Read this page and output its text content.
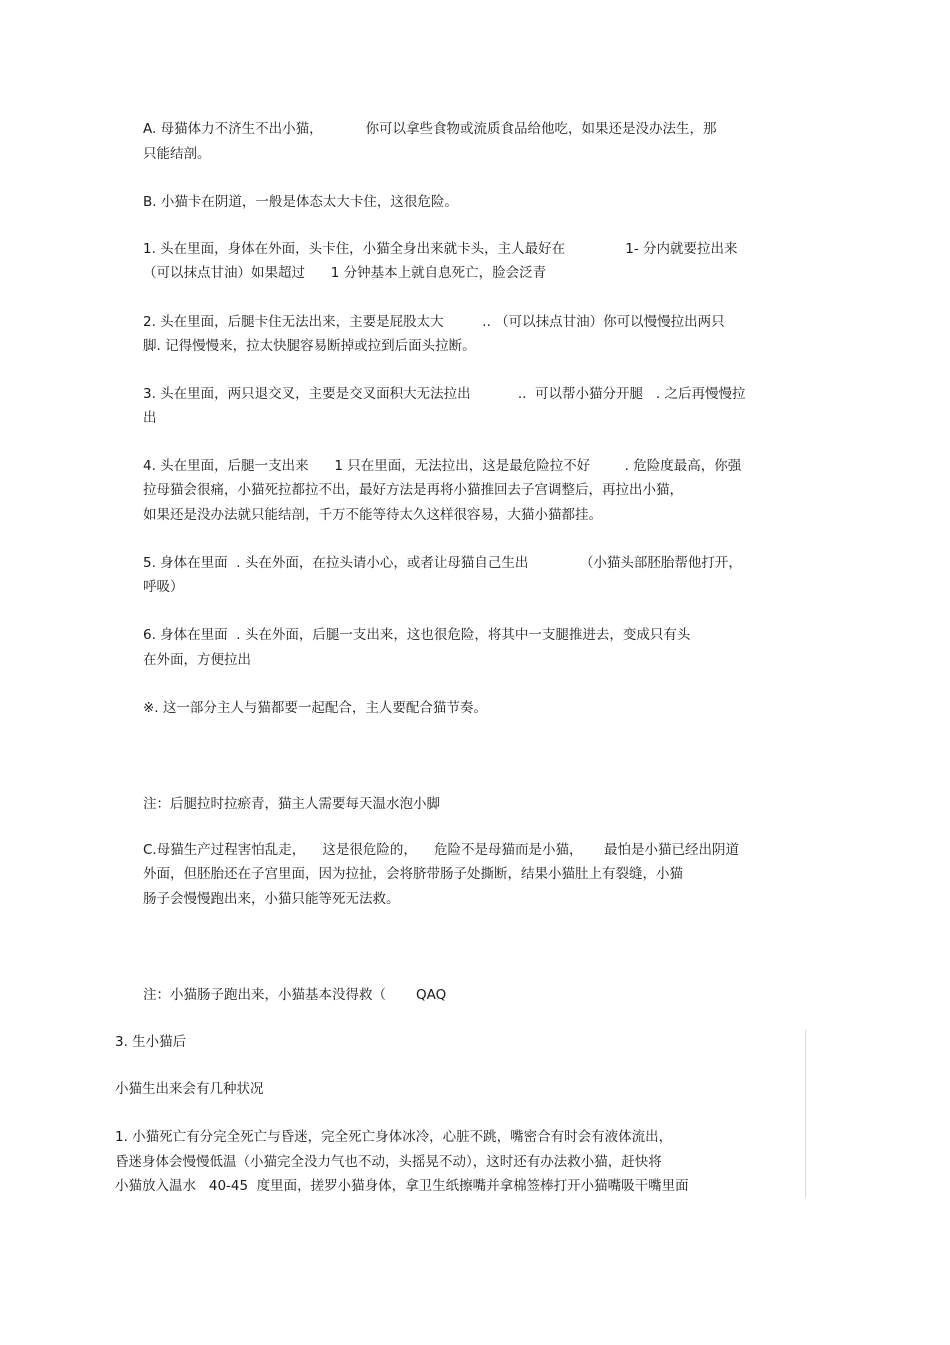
A. 母猫体力不济生不出小猫，          你可以拿些食物或流质食品给他吃，如果还是没办法生，那
只能结剖。
B. 小猫卡在阴道，一般是体态太大卡住，这很危险。
1. 头在里面，身体在外面，头卡住，小猫全身出来就卡头，主人最好在              1- 分内就要拉出来
（可以抹点甘油）如果超过      1 分钟基本上就自息死亡，脸会泛青
2. 头在里面，后腿卡住无法出来，主要是屁股太大         .. （可以抹点甘油）你可以慢慢拉出两只
脚. 记得慢慢来，拉太快腿容易断掉或拉到后面头拉断。
3. 头在里面，两只退交叉，主要是交叉面积大无法拉出           ..  可以帮小猫分开腿   . 之后再慢慢拉
出
4. 头在里面，后腿一支出来      1 只在里面，无法拉出，这是最危险拉不好        . 危险度最高，你强
拉母猫会很痛，小猫死拉都拉不出，最好方法是再将小猫推回去子宫调整后，再拉出小猫，
如果还是没办法就只能结剖，千万不能等待太久这样很容易，大猫小猫都挂。
5. 身体在里面  . 头在外面，在拉头请小心，或者让母猫自己生出            （小猫头部胚胎帮他打开，
呼吸）
6. 身体在里面  . 头在外面，后腿一支出来，这也很危险，将其中一支腿推进去，变成只有头
在外面，方便拉出
※. 这一部分主人与猫都要一起配合，主人要配合猫节奏。
注：后腿拉时拉瘀青，猫主人需要每天温水泡小脚
C.母猫生产过程害怕乱走，    这是很危险的，    危险不是母猫而是小猫，     最怕是小猫已经出阴道
外面，但胚胎还在子宫里面，因为拉扯，会将脐带肠子处撕断，结果小猫肚上有裂缝，小猫
肠子会慢慢跑出来，小猫只能等死无法救。
注：小猫肠子跑出来，小猫基本没得救（       QAQ
3. 生小猫后
小猫生出来会有几种状况
1. 小猫死亡有分完全死亡与昏迷，完全死亡身体冰冷，心脏不跳，嘴密合有时会有液体流出，
昏迷身体会慢慢低温（小猫完全没力气也不动，头摇晃不动），这时还有办法救小猫，赶快将
小猫放入温水   40-45  度里面，搓罗小猫身体，拿卫生纸擦嘴并拿棉签棒打开小猫嘴吸干嘴里面
